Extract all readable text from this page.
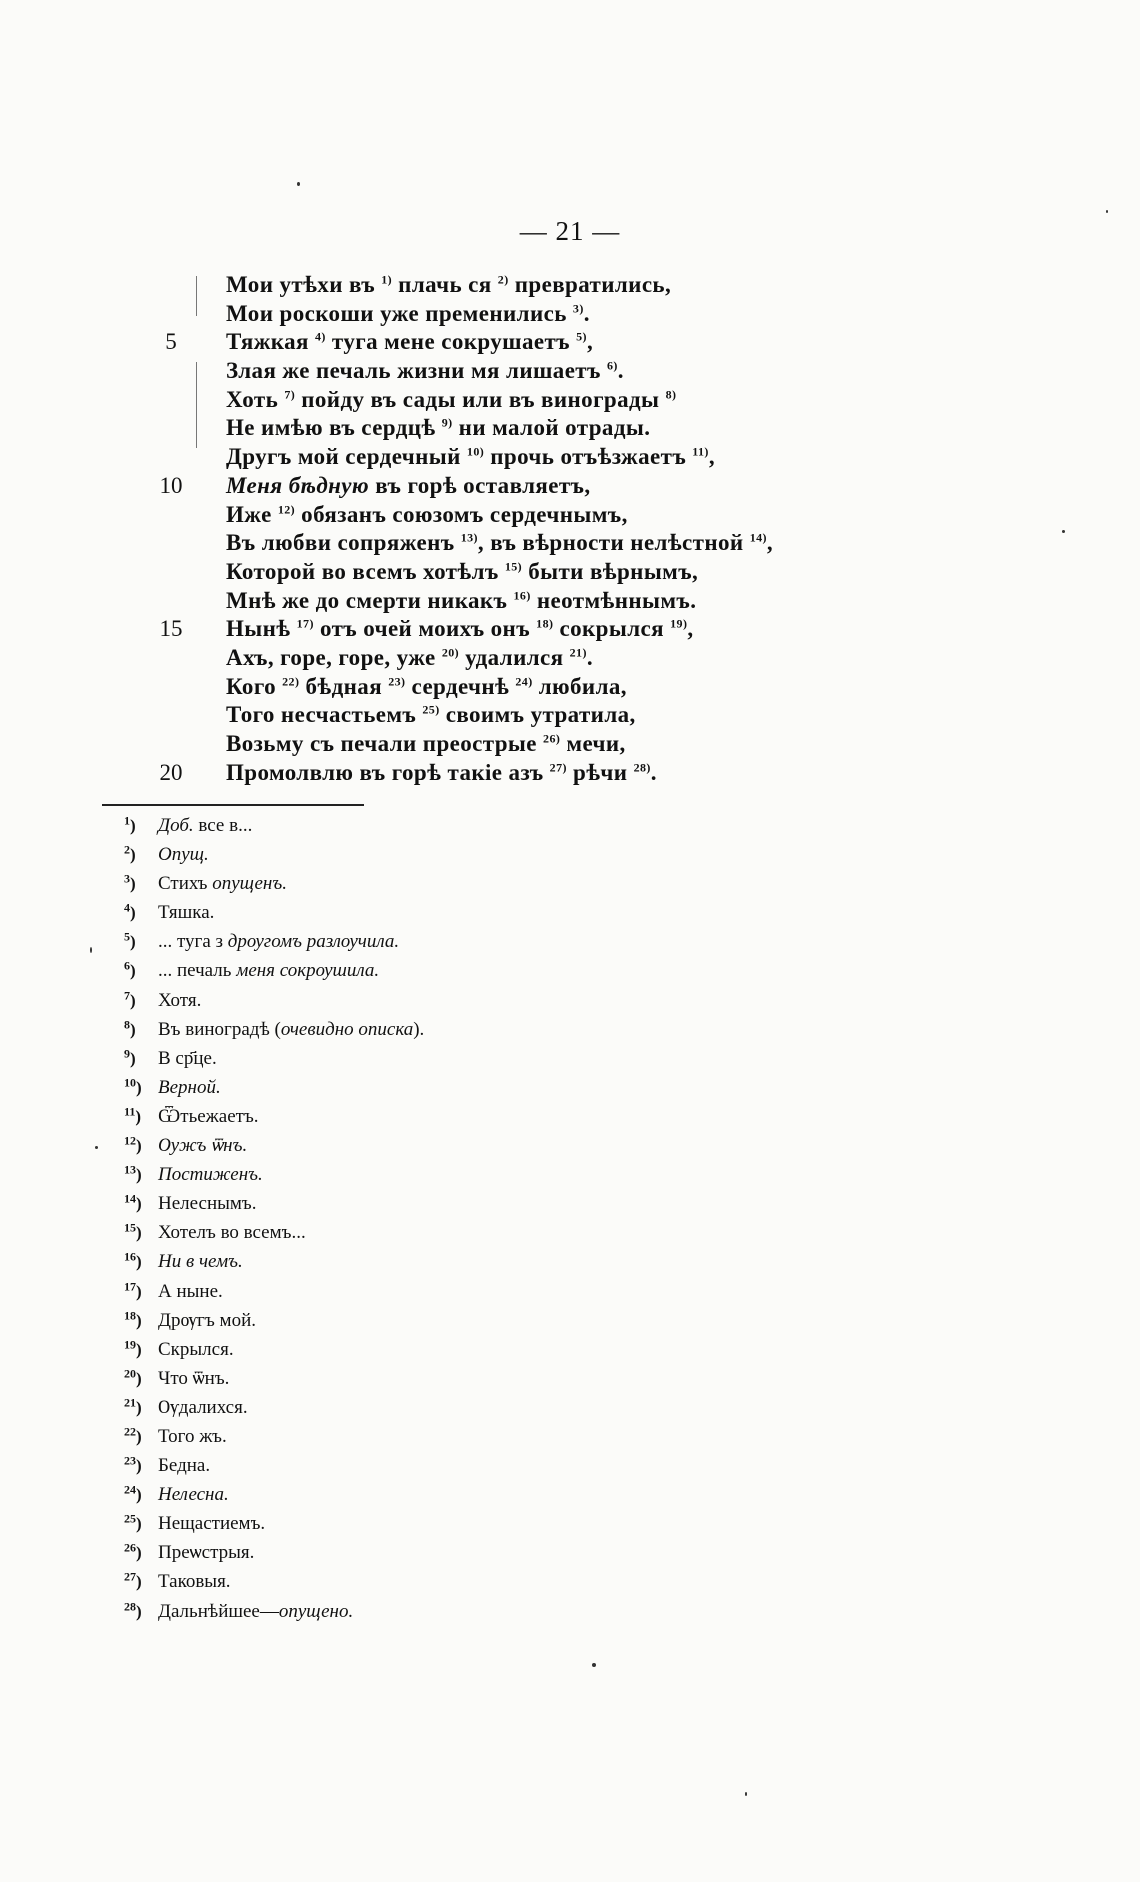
— 21 —
Мои утѣхи въ $^{1)}$ плачь ся $^{2)}$ превратились,
Мои роскоши уже пременились $^{3)}$.
5	Тяжкая $^{4)}$ туга мене сокрушаетъ $^{5)}$,
Злая же печаль жизни мя лишаетъ $^{6)}$.
Хоть $^{7)}$ пойду въ сады или въ винограды $^{8)}$
Не имѣю въ сердцѣ $^{9)}$ ни малой отрады.
Другъ мой сердечный $^{10)}$ прочь отъѣзжаетъ $^{11)}$,
10	Меня бѣдную въ горѣ оставляетъ,
Иже $^{12)}$ обязанъ союзомъ сердечнымъ,
Въ любви сопряженъ $^{13)}$, въ вѣрности нелѣстной $^{14)}$,
Которой во всемъ хотѣлъ $^{15)}$ быти вѣрнымъ,
Мнѣ же до смерти никакъ $^{16)}$ неотмѣннымъ.
15	Нынѣ $^{17)}$ отъ очей моихъ онъ $^{18)}$ сокрылся $^{19)}$,
Ахъ, горе, горе, уже $^{20)}$ удалился $^{21)}$.
Кого $^{22)}$ бѣдная $^{23)}$ сердечнѣ $^{24)}$ любила,
Того несчастьемъ $^{25)}$ своимъ утратила,
Возьму съ печали преострые $^{26)}$ мечи,
20	Промолвлю въ горѣ такіе азъ $^{27)}$ рѣчи $^{28)}$.
$^1$) Доб. все в...
$^2$) Опущ.
$^3$) Стихъ опущенъ.
$^4$) Тяшка.
$^5$) ... туга з дрѹгомъ разлѹчила.
$^6$) ... печаль меня сокрѹшила.
$^7$) Хотя.
$^8$) Въ виноградѣ (очевидно описка).
$^9$) В ср҃це.
$^{10}$) Верной.
$^{11}$) Ѿтьежаетъ.
$^{12}$) Ѹжъ ѿнъ.
$^{13}$) Постиженъ.
$^{14}$) Нелеснымъ.
$^{15}$) Хотелъ во всемъ...
$^{16}$) Ни в чемъ.
$^{17}$) А ныне.
$^{18}$) Дрѹгъ мой.
$^{19}$) Скрылся.
$^{20}$) Что ѿнъ.
$^{21}$) Ѹдалихся.
$^{22}$) Того жъ.
$^{23}$) Бедна.
$^{24}$) Нелесна.
$^{25}$) Нещастиемъ.
$^{26}$) Преѡстрыя.
$^{27}$) Таковыя.
$^{28}$) Дальнѣйшее—опущено.
